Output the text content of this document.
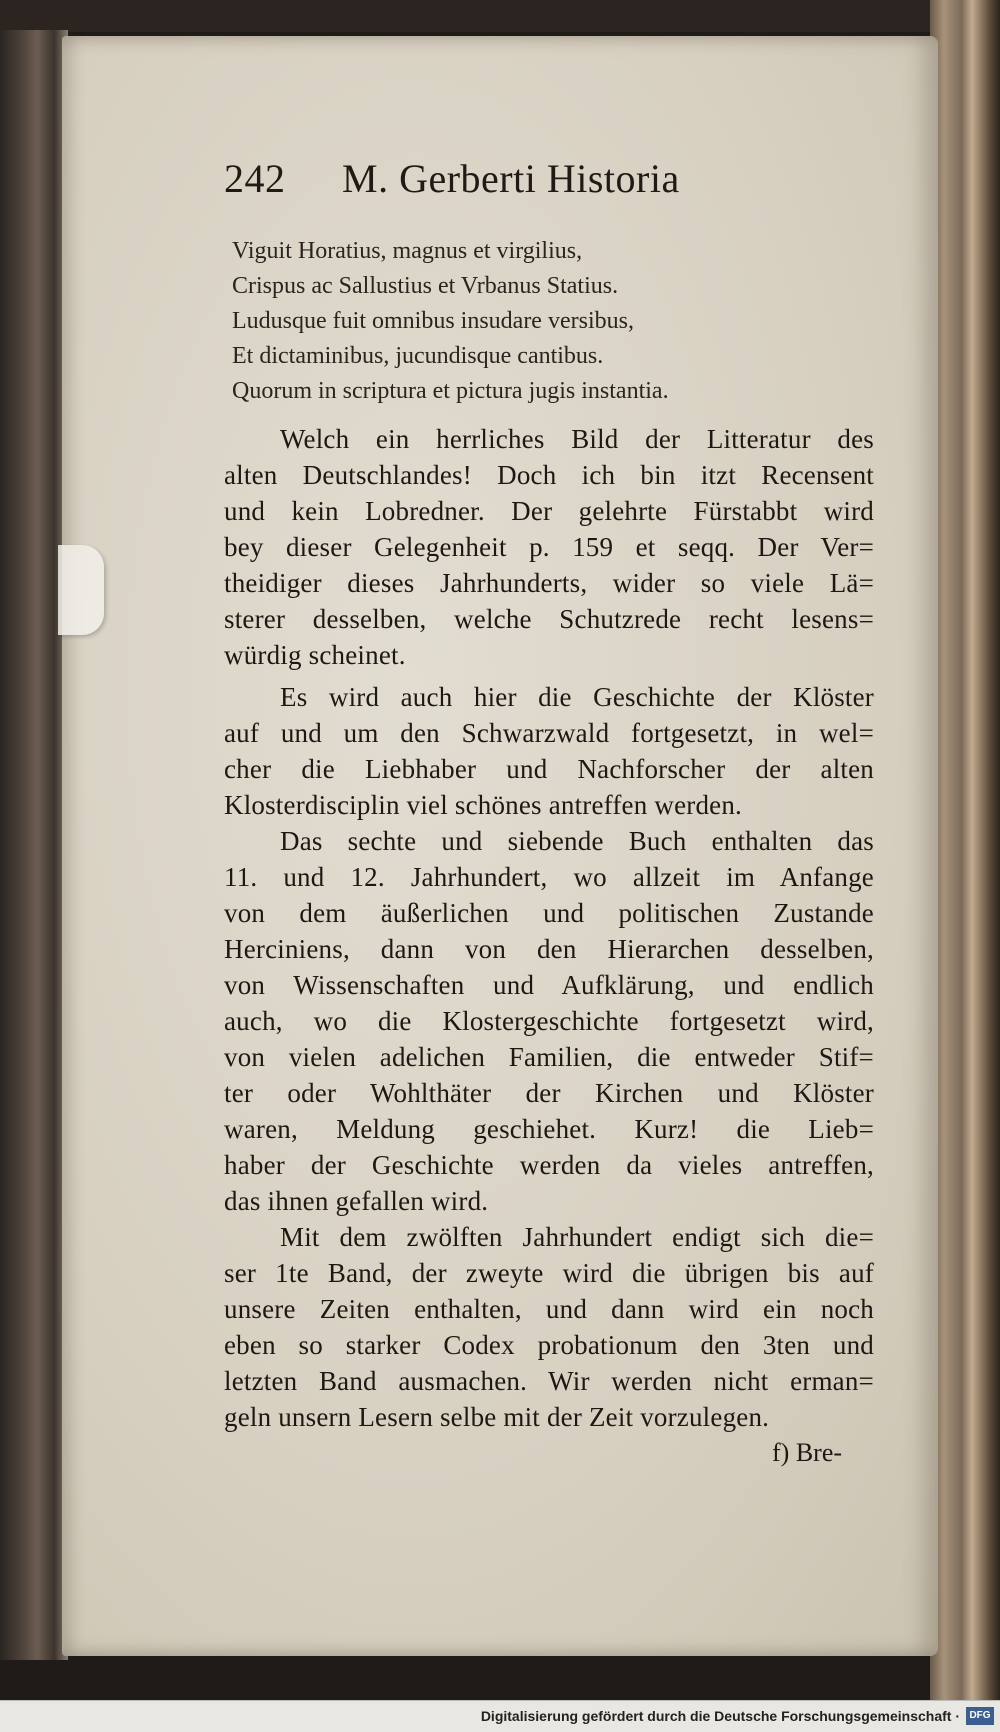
242 M. Gerberti Historia
Viguit Horatius, magnus et virgilius,
Crispus ac Sallustius et Vrbanus Statius.
Ludusque fuit omnibus insudare versibus,
Et dictaminibus, jucundisque cantibus.
Quorum in scriptura et pictura jugis instantia.
Welch ein herrliches Bild der Litteratur des
alten Deutschlandes! Doch ich bin itzt Recensent
und kein Lobredner. Der gelehrte Fürstabbt wird
bey dieser Gelegenheit p. 159 et seqq. Der Ver=
theidiger dieses Jahrhunderts, wider so viele Lä=
sterer desselben, welche Schutzrede recht lesens=
würdig scheinet.
Es wird auch hier die Geschichte der Klöster
auf und um den Schwarzwald fortgesetzt, in wel=
cher die Liebhaber und Nachforscher der alten
Klosterdisciplin viel schönes antreffen werden.
Das sechte und siebende Buch enthalten das
11. und 12. Jahrhundert, wo allzeit im Anfange
von dem äußerlichen und politischen Zustande
Herciniens, dann von den Hierarchen desselben,
von Wissenschaften und Aufklärung, und endlich
auch, wo die Klostergeschichte fortgesetzt wird,
von vielen adelichen Familien, die entweder Stif=
ter oder Wohlthäter der Kirchen und Klöster
waren, Meldung geschiehet. Kurz! die Lieb=
haber der Geschichte werden da vieles antreffen,
das ihnen gefallen wird.
Mit dem zwölften Jahrhundert endigt sich die=
ser 1te Band, der zweyte wird die übrigen bis auf
unsere Zeiten enthalten, und dann wird ein noch
eben so starker Codex probationum den 3ten und
letzten Band ausmachen. Wir werden nicht erman=
geln unsern Lesern selbe mit der Zeit vorzulegen.
f) Bre-
Digitalisierung gefördert durch die Deutsche Forschungsgemeinschaft · DFG
